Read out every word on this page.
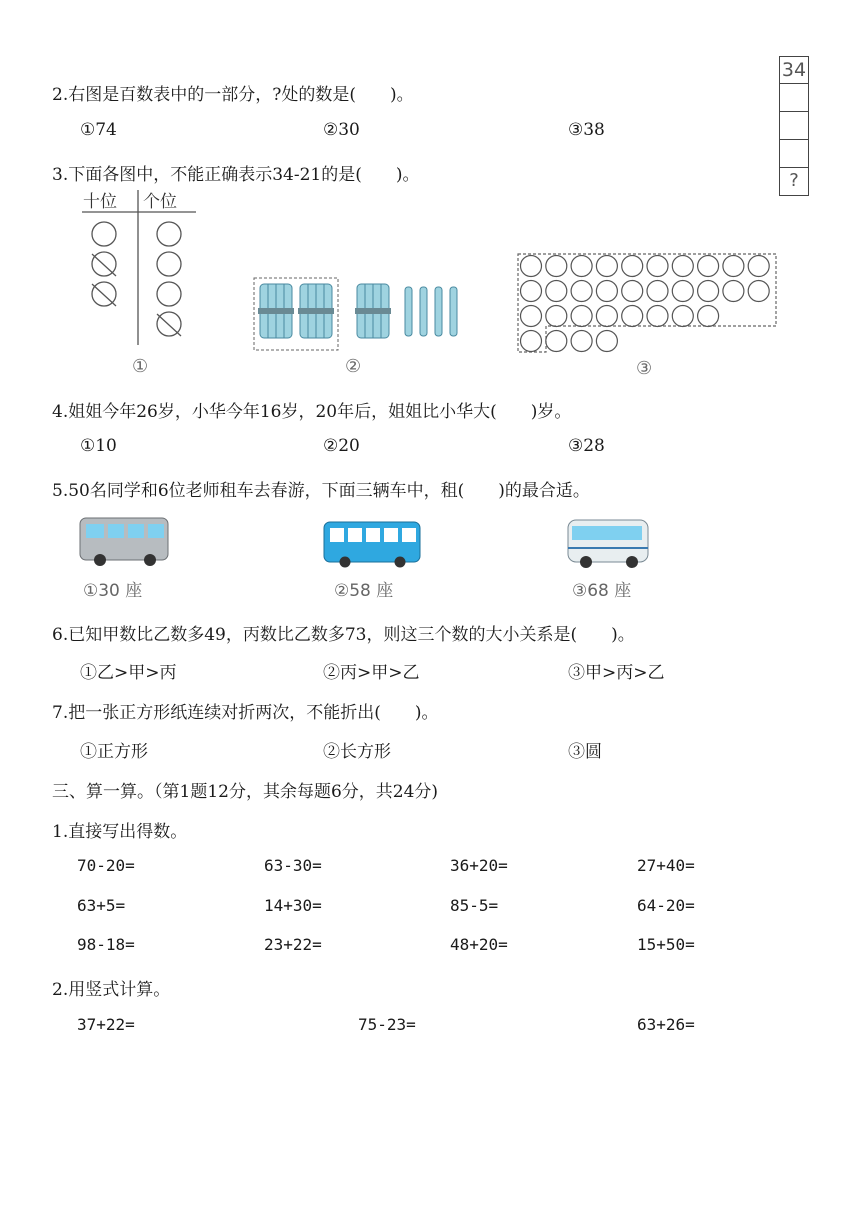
2.右图是百数表中的一部分，?处的数是(　　)。
①74	②30	③38
34
?
3.下面各图中，不能正确表示34-21的是(　　)。
①	②	③
十位 个位
4.姐姐今年26岁，小华今年16岁，20年后，姐姐比小华大(　　)岁。
①10	②20	③28
5.50名同学和6位老师租车去春游，下面三辆车中，租(　　)的最合适。
①30 座	②58 座	③68 座
6.已知甲数比乙数多49，丙数比乙数多73，则这三个数的大小关系是(　　)。
①乙>甲>丙	②丙>甲>乙	③甲>丙>乙
7.把一张正方形纸连续对折两次，不能折出(　　)。
①正方形	②长方形	③圆
三、算一算。（第1题12分，其余每题6分，共24分)
1.直接写出得数。
70-20=	63-30=	36+20=	27+40=
63+5=	14+30=	85-5=	64-20=
98-18=	23+22=	48+20=	15+50=
2.用竖式计算。
37+22=	75-23=	63+26=
